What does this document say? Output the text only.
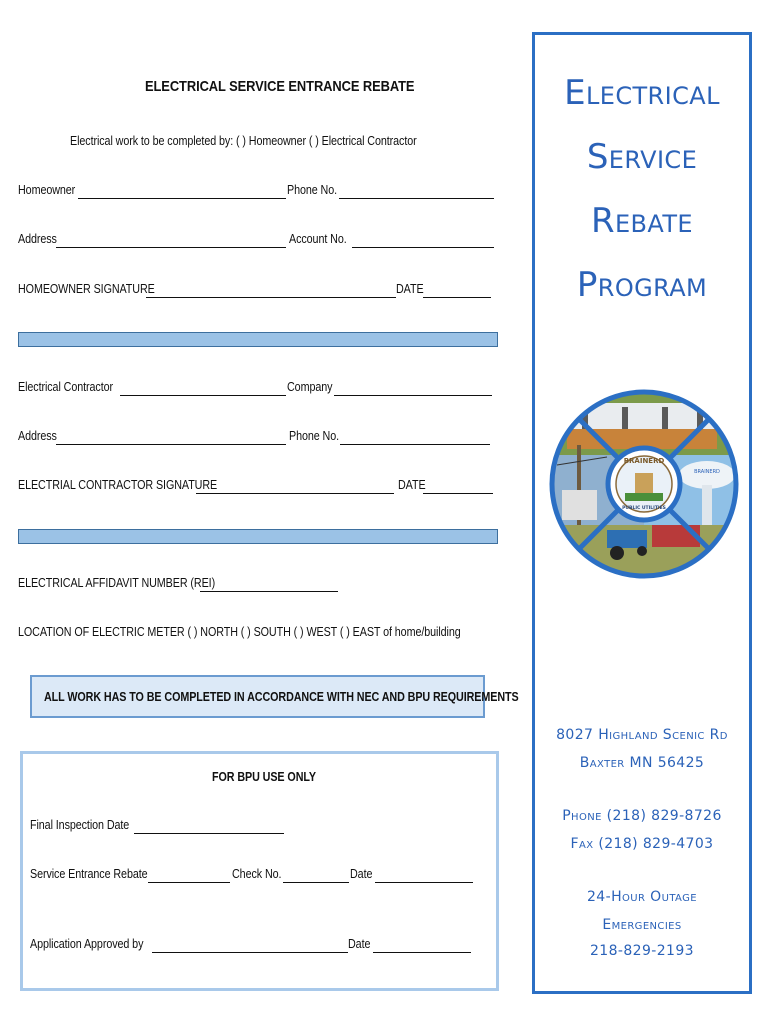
ELECTRICAL SERVICE ENTRANCE REBATE
Electrical work to be completed by: ( ) Homeowner ( ) Electrical Contractor
Homeowner	Phone No.
Address	Account No.
HOMEOWNER SIGNATURE	DATE
Electrical Contractor	Company
Address	Phone No.
ELECTRIAL CONTRACTOR SIGNATURE	DATE
ELECTRICAL AFFIDAVIT NUMBER (REI)
LOCATION OF ELECTRIC METER ( ) NORTH ( ) SOUTH ( ) WEST ( ) EAST of home/building
ALL WORK HAS TO BE COMPLETED IN ACCORDANCE WITH NEC AND BPU REQUIREMENTS
FOR BPU USE ONLY
Final Inspection Date
Service Entrance Rebate	Check No.	Date
Application Approved by	Date
Electrical
Service
Rebate
Program
BRAINERD
PUBLIC UTILITIES
BRAINERD
8027 Highland Scenic Rd
Baxter MN 56425
Phone (218) 829-8726
Fax (218) 829-4703
24-Hour Outage
Emergencies
218-829-2193
